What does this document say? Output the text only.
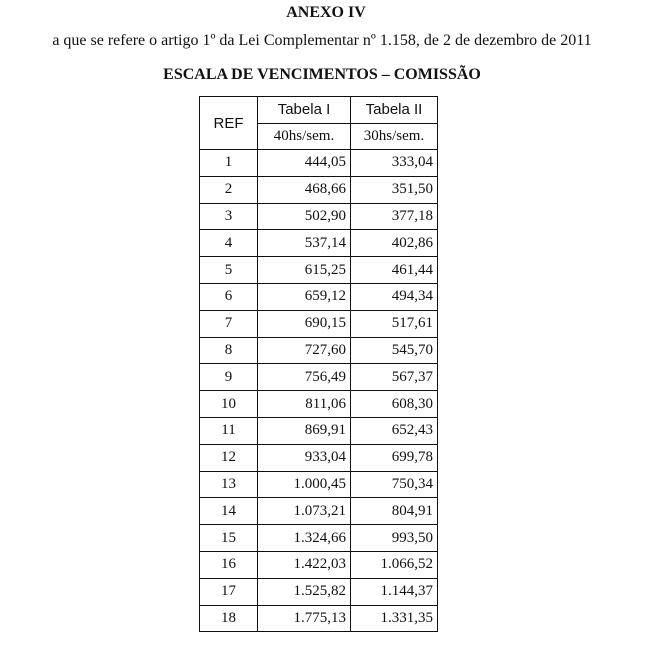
ANEXO IV
a que se refere o artigo 1º da Lei Complementar nº 1.158, de 2 de dezembro de 2011
ESCALA DE VENCIMENTOS – COMISSÃO
REF	Tabela I	Tabela II
	40hs/sem.	30hs/sem.
1	444,05	333,04
2	468,66	351,50
3	502,90	377,18
4	537,14	402,86
5	615,25	461,44
6	659,12	494,34
7	690,15	517,61
8	727,60	545,70
9	756,49	567,37
10	811,06	608,30
11	869,91	652,43
12	933,04	699,78
13	1.000,45	750,34
14	1.073,21	804,91
15	1.324,66	993,50
16	1.422,03	1.066,52
17	1.525,82	1.144,37
18	1.775,13	1.331,35
